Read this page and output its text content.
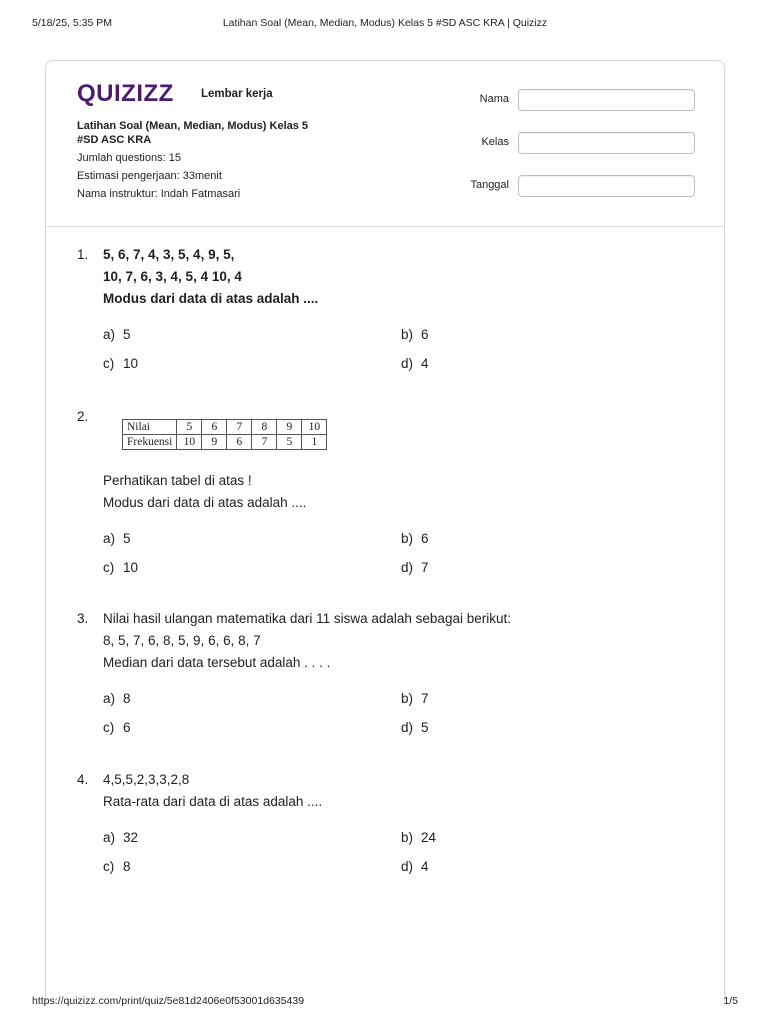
5/18/25, 5:35 PM	Latihan Soal (Mean, Median, Modus) Kelas 5 #SD ASC KRA | Quizizz
QUIZIZZ Lembar kerja
Latihan Soal (Mean, Median, Modus) Kelas 5
#SD ASC KRA
Jumlah questions: 15
Estimasi pengerjaan: 33menit
Nama instruktur: Indah Fatmasari
Nama
Kelas
Tanggal
1. 5, 6, 7, 4, 3, 5, 4, 9, 5,
10, 7, 6, 3, 4, 5, 4 10, 4
Modus dari data di atas adalah ....
a) 5	b) 6
c) 10	d) 4
2.
Nilai	5	6	7	8	9	10
Frekuensi	10	9	6	7	5	1
Perhatikan tabel di atas !
Modus dari data di atas adalah ....
a) 5	b) 6
c) 10	d) 7
3. Nilai hasil ulangan matematika dari 11 siswa adalah sebagai berikut:
8, 5, 7, 6, 8, 5, 9, 6, 6, 8, 7
Median dari data tersebut adalah . . . .
a) 8	b) 7
c) 6	d) 5
4. 4,5,5,2,3,3,2,8
Rata-rata dari data di atas adalah ....
a) 32	b) 24
c) 8	d) 4
https://quizizz.com/print/quiz/5e81d2406e0f53001d635439	1/5
